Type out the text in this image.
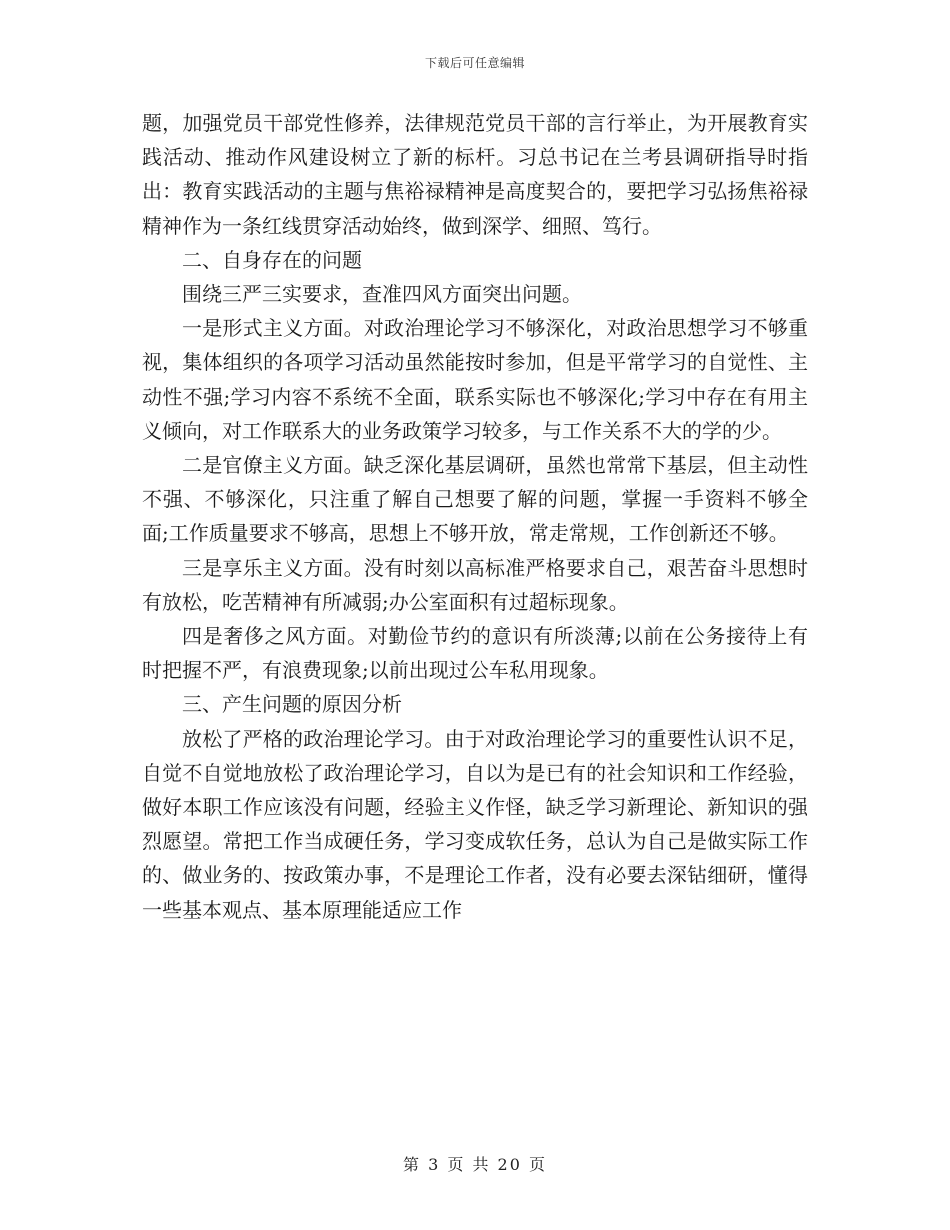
下载后可任意编辑

题，加强党员干部党性修养，法律规范党员干部的言行举止，为开展教育实践活动、推动作风建设树立了新的标杆。习总书记在兰考县调研指导时指出：教育实践活动的主题与焦裕禄精神是高度契合的，要把学习弘扬焦裕禄精神作为一条红线贯穿活动始终，做到深学、细照、笃行。

二、自身存在的问题

围绕三严三实要求，查准四风方面突出问题。

一是形式主义方面。对政治理论学习不够深化，对政治思想学习不够重视，集体组织的各项学习活动虽然能按时参加，但是平常学习的自觉性、主动性不强;学习内容不系统不全面，联系实际也不够深化;学习中存在有用主义倾向，对工作联系大的业务政策学习较多，与工作关系不大的学的少。

二是官僚主义方面。缺乏深化基层调研，虽然也常常下基层，但主动性不强、不够深化，只注重了解自己想要了解的问题，掌握一手资料不够全面;工作质量要求不够高，思想上不够开放，常走常规，工作创新还不够。

三是享乐主义方面。没有时刻以高标准严格要求自己，艰苦奋斗思想时有放松，吃苦精神有所减弱;办公室面积有过超标现象。

四是奢侈之风方面。对勤俭节约的意识有所淡薄;以前在公务接待上有时把握不严，有浪费现象;以前出现过公车私用现象。

三、产生问题的原因分析

放松了严格的政治理论学习。由于对政治理论学习的重要性认识不足，自觉不自觉地放松了政治理论学习，自以为是已有的社会知识和工作经验，做好本职工作应该没有问题，经验主义作怪，缺乏学习新理论、新知识的强烈愿望。常把工作当成硬任务，学习变成软任务，总认为自己是做实际工作的、做业务的、按政策办事，不是理论工作者，没有必要去深钻细研，懂得一些基本观点、基本原理能适应工作

第 3 页 共 20 页
